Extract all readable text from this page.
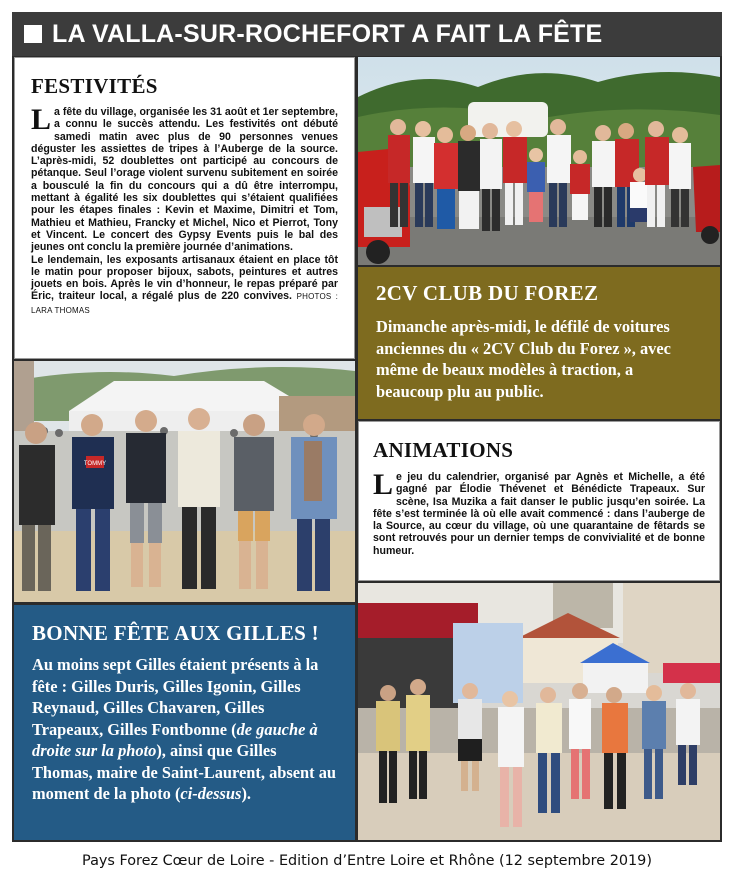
LA VALLA-SUR-ROCHEFORT A FAIT LA FÊTE
FESTIVITÉS

La fête du village, organisée les 31 août et 1er septembre, a connu le succès attendu. Les festivités ont débuté samedi matin avec plus de 90 personnes venues déguster les assiettes de tripes à l’Auberge de la source. L’après-midi, 52 doublettes ont participé au concours de pétanque. Seul l’orage violent survenu subitement en soirée a bousculé la fin du concours qui a dû être interrompu, mettant à égalité les six doublettes qui s’étaient qualifiées pour les étapes finales : Kevin et Maxime, Dimitri et Tom, Mathieu et Mathieu, Francky et Michel, Nico et Pierrot, Tony et Vincent. Le concert des Gypsy Events puis le bal des jeunes ont conclu la première journée d’animations.
Le lendemain, les exposants artisanaux étaient en place tôt le matin pour proposer bijoux, sabots, peintures et autres jouets en bois. Après le vin d’honneur, le repas préparé par Éric, traiteur local, a régalé plus de 220 convives. PHOTOS : LARA THOMAS

2CV CLUB DU FOREZ

Dimanche après-midi, le défilé de voitures anciennes du « 2CV Club du Forez », avec même de beaux modèles à traction, a beaucoup plu au public.

TOMMY
ANIMATIONS

Le jeu du calendrier, organisé par Agnès et Michelle, a été gagné par Élodie Thévenet et Bénédicte Trapeaux. Sur scène, Isa Muzika a fait danser le public jusqu’en soirée. La fête s’est terminée là où elle avait commencé : dans l’auberge de la Source, au cœur du village, où une quarantaine de fêtards se sont retrouvés pour un dernier temps de convivialité et de bonne humeur.

BONNE FÊTE AUX GILLES !

Au moins sept Gilles étaient présents à la fête : Gilles Duris, Gilles Igonin, Gilles Reynaud, Gilles Chavaren, Gilles Trapeaux, Gilles Fontbonne (de gauche à droite sur la photo), ainsi que Gilles Thomas, maire de Saint-Laurent, absent au moment de la photo (ci-dessus).

Pays Forez Cœur de Loire - Edition d’Entre Loire et Rhône (12 septembre 2019)
